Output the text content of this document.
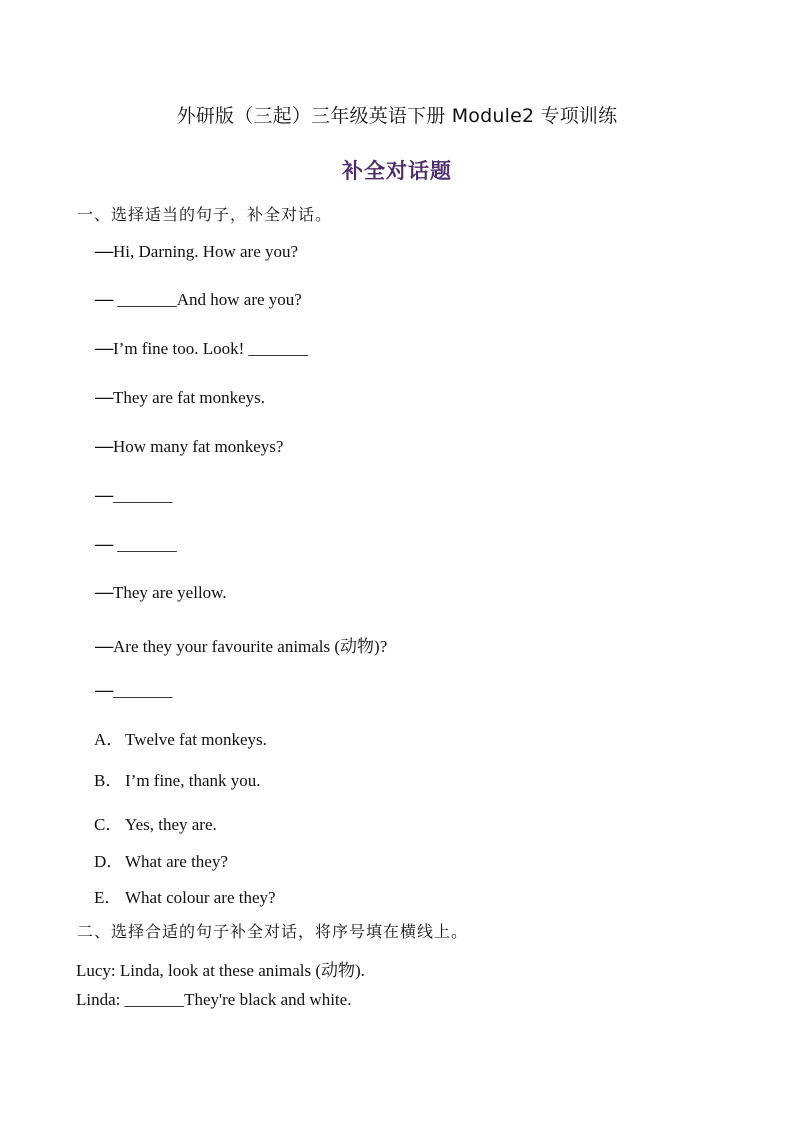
外研版（三起）三年级英语下册 Module2 专项训练
补全对话题
一、选择适当的句子，补全对话。
—Hi, Darning. How are you?
— _______And how are you?
—I’m fine too. Look! _______
—They are fat monkeys.
—How many fat monkeys?
—_______
— _______
—They are yellow.
—Are they your favourite animals (动物)?
—_______
A． Twelve fat monkeys.
B． I’m fine, thank you.
C． Yes, they are.
D． What are they?
E． What colour are they?
二、选择合适的句子补全对话，将序号填在横线上。
Lucy: Linda, look at these animals (动物).
Linda: _______They're black and white.
